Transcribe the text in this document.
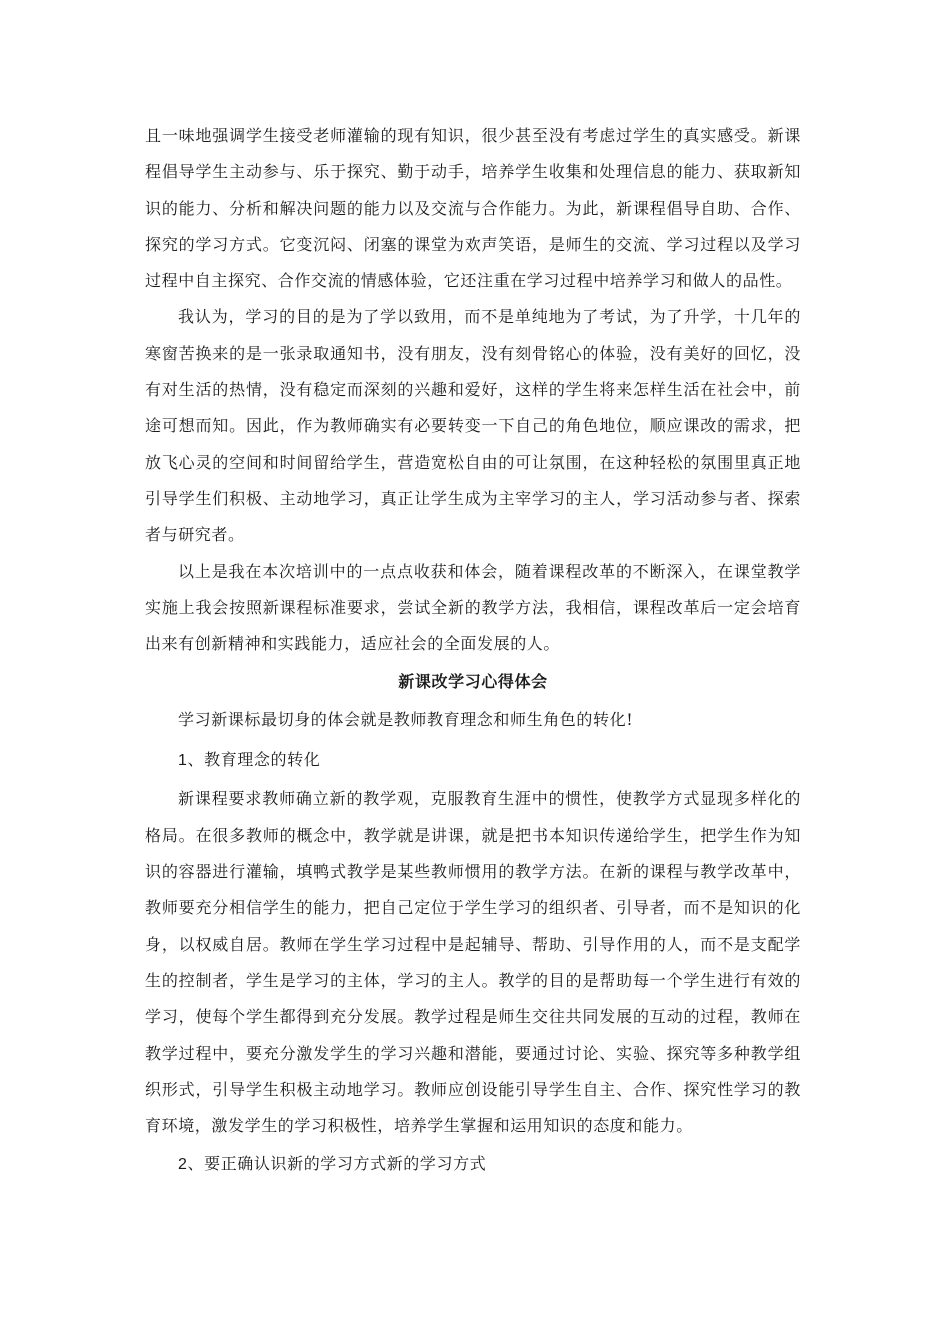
且一味地强调学生接受老师灌输的现有知识，很少甚至没有考虑过学生的真实感受。新课程倡导学生主动参与、乐于探究、勤于动手，培养学生收集和处理信息的能力、获取新知识的能力、分析和解决问题的能力以及交流与合作能力。为此，新课程倡导自助、合作、探究的学习方式。它变沉闷、闭塞的课堂为欢声笑语，是师生的交流、学习过程以及学习过程中自主探究、合作交流的情感体验，它还注重在学习过程中培养学习和做人的品性。

我认为，学习的目的是为了学以致用，而不是单纯地为了考试，为了升学，十几年的寒窗苦换来的是一张录取通知书，没有朋友，没有刻骨铭心的体验，没有美好的回忆，没有对生活的热情，没有稳定而深刻的兴趣和爱好，这样的学生将来怎样生活在社会中，前途可想而知。因此，作为教师确实有必要转变一下自己的角色地位，顺应课改的需求，把放飞心灵的空间和时间留给学生，营造宽松自由的可让氛围，在这种轻松的氛围里真正地引导学生们积极、主动地学习，真正让学生成为主宰学习的主人，学习活动参与者、探索者与研究者。

以上是我在本次培训中的一点点收获和体会，随着课程改革的不断深入，在课堂教学实施上我会按照新课程标准要求，尝试全新的教学方法，我相信，课程改革后一定会培育出来有创新精神和实践能力，适应社会的全面发展的人。

新课改学习心得体会

学习新课标最切身的体会就是教师教育理念和师生角色的转化!

1、教育理念的转化

新课程要求教师确立新的教学观，克服教育生涯中的惯性，使教学方式显现多样化的格局。在很多教师的概念中，教学就是讲课，就是把书本知识传递给学生，把学生作为知识的容器进行灌输，填鸭式教学是某些教师惯用的教学方法。在新的课程与教学改革中，教师要充分相信学生的能力，把自己定位于学生学习的组织者、引导者，而不是知识的化身，以权威自居。教师在学生学习过程中是起辅导、帮助、引导作用的人，而不是支配学生的控制者，学生是学习的主体，学习的主人。教学的目的是帮助每一个学生进行有效的学习，使每个学生都得到充分发展。教学过程是师生交往共同发展的互动的过程，教师在教学过程中，要充分激发学生的学习兴趣和潜能，要通过讨论、实验、探究等多种教学组织形式，引导学生积极主动地学习。教师应创设能引导学生自主、合作、探究性学习的教育环境，激发学生的学习积极性，培养学生掌握和运用知识的态度和能力。

2、要正确认识新的学习方式新的学习方式
